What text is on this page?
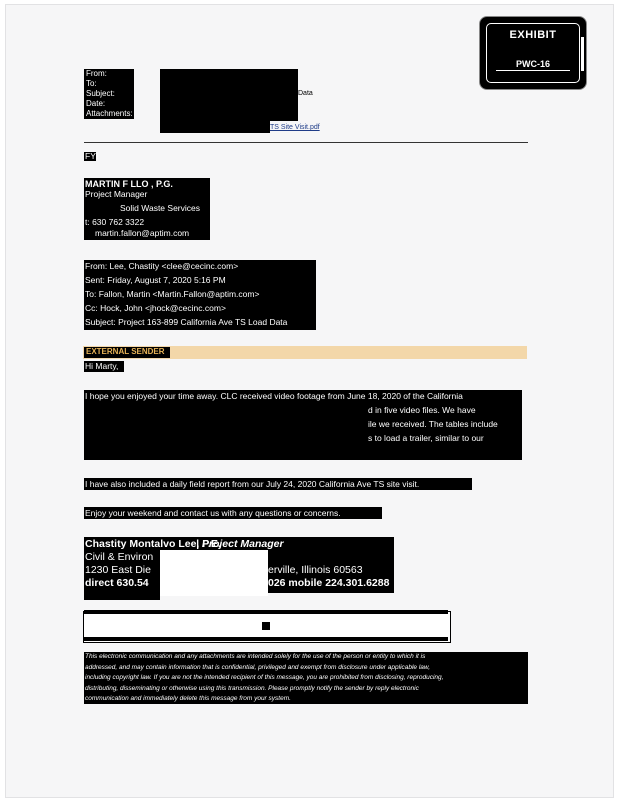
EXHIBIT
PWC-16
From:
To:
Subject:
Date:
Attachments:
Data
TS Site Visit.pdf
FYI
MARTIN F LLO , P.G.
Project Manager
Solid Waste Services
t: 630 762 3322
martin.fallon@aptim.com
From: Lee, Chastity <clee@cecinc.com>
Sent: Friday, August 7, 2020 5:16 PM
To: Fallon, Martin <Martin.Fallon@aptim.com>
Cc: Hock, John <jhock@cecinc.com>
Subject: Project 163-899 California Ave TS Load Data
EXTERNAL SENDER
Hi Marty,
I hope you enjoyed your time away. CLC received video footage from June 18, 2020 of the California
d in five video files. We have
ile we received. The tables include
s to load a trailer, similar to our
I have also included a daily field report from our July 24, 2020 California Ave TS site visit.
Enjoy your weekend and contact us with any questions or concerns.
Chastity Montalvo Lee, P.E.
| Project Manager
Civil & Environ
1230 East Die	erville, Illinois 60563
direct 630.54	026 mobile 224.301.6288
This electronic communication and any attachments are intended solely for the use of the person or entity to which it is
addressed, and may contain information that is confidential, privileged and exempt from disclosure under applicable law,
including copyright law. If you are not the intended recipient of this message, you are prohibited from disclosing, reproducing,
distributing, disseminating or otherwise using this transmission. Please promptly notify the sender by reply electronic
communication and immediately delete this message from your system.
